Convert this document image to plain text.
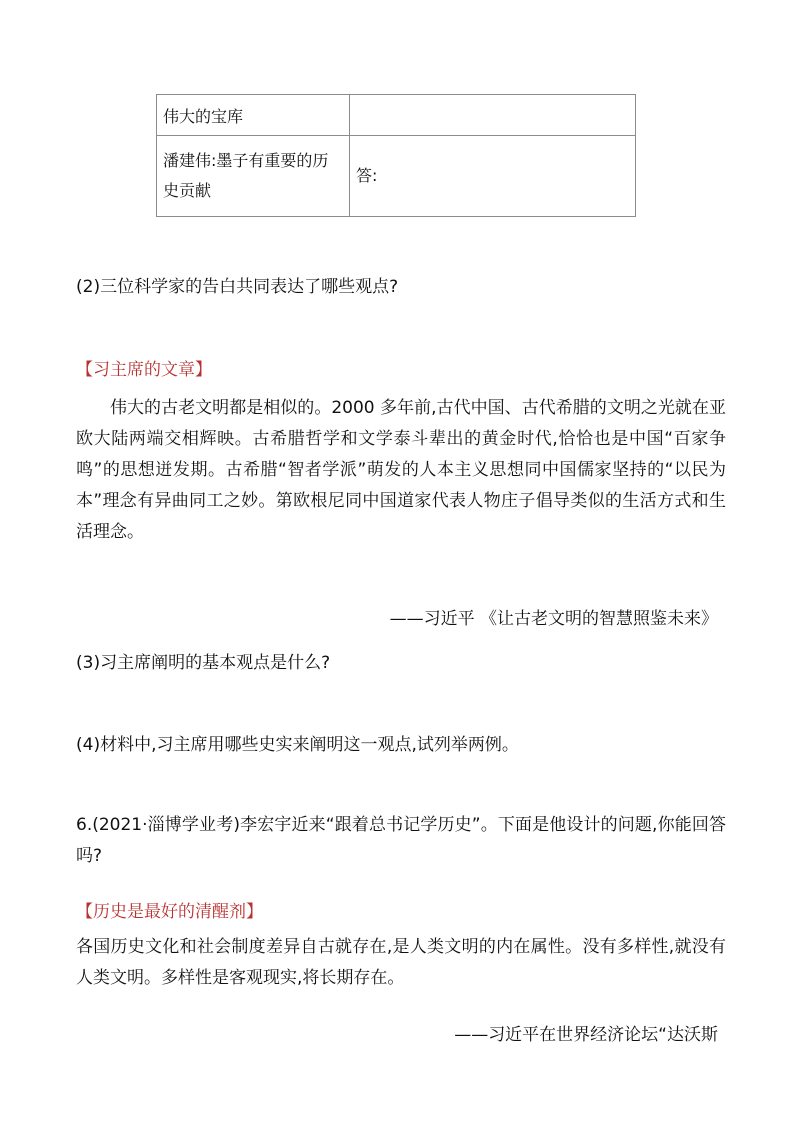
伟大的宝库	
潘建伟:墨子有重要的历史贡献	答:
(2)三位科学家的告白共同表达了哪些观点?
【习主席的文章】
伟大的古老文明都是相似的。2000 多年前,古代中国、古代希腊的文明之光就在亚欧大陆两端交相辉映。古希腊哲学和文学泰斗辈出的黄金时代,恰恰也是中国“百家争鸣”的思想迸发期。古希腊“智者学派”萌发的人本主义思想同中国儒家坚持的“以民为本”理念有异曲同工之妙。第欧根尼同中国道家代表人物庄子倡导类似的生活方式和生活理念。
——习近平 《让古老文明的智慧照鉴未来》
(3)习主席阐明的基本观点是什么?
(4)材料中,习主席用哪些史实来阐明这一观点,试列举两例。
6.(2021·淄博学业考)李宏宇近来“跟着总书记学历史”。下面是他设计的问题,你能回答吗?
【历史是最好的清醒剂】
各国历史文化和社会制度差异自古就存在,是人类文明的内在属性。没有多样性,就没有人类文明。多样性是客观现实,将长期存在。
——习近平在世界经济论坛“达沃斯
